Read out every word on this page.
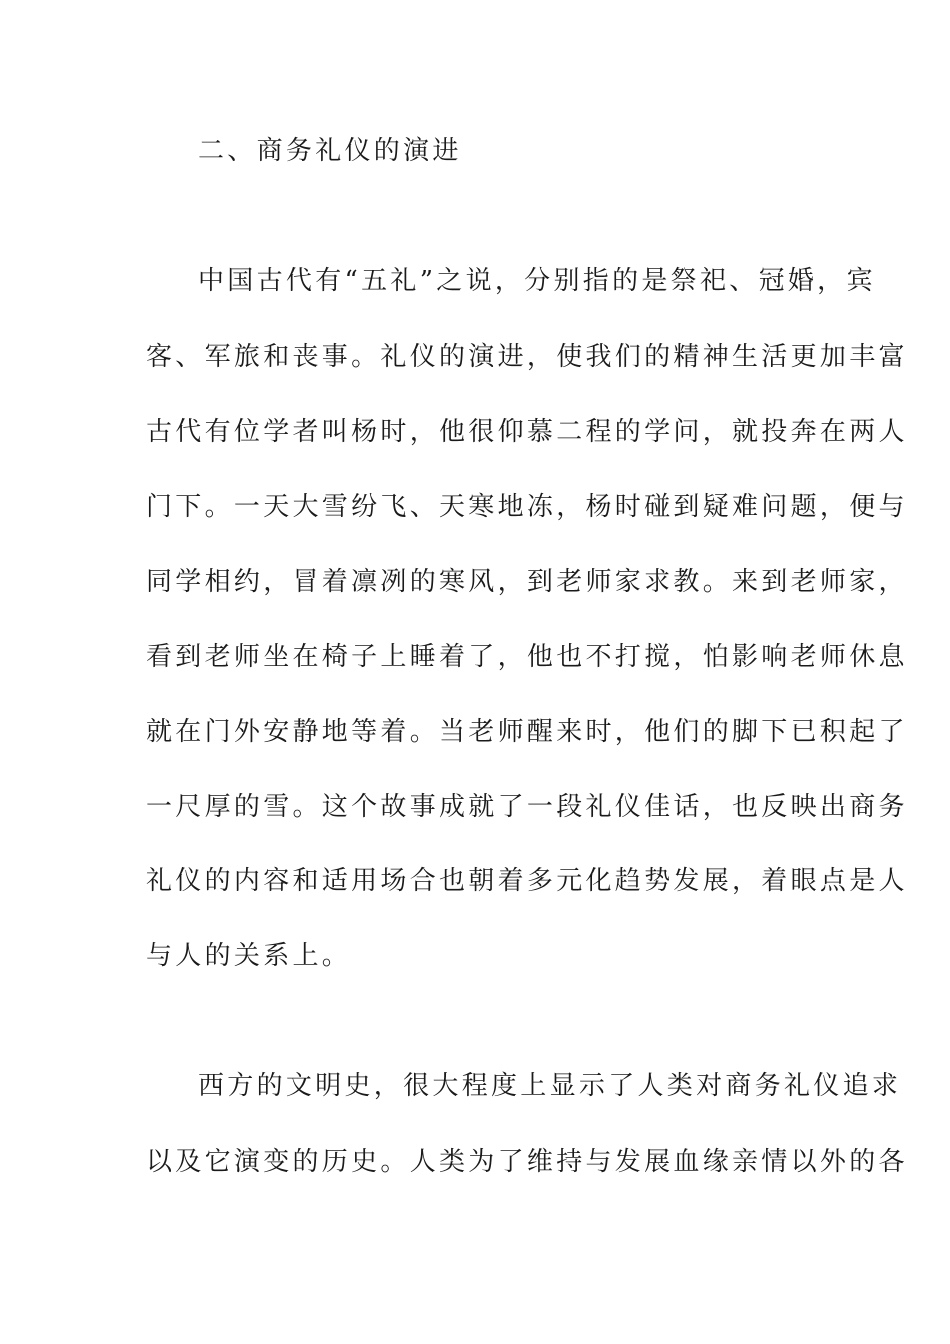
二、商务礼仪的演进
中国古代有“五礼”之说，分别指的是祭祀、冠婚，宾
客、军旅和丧事。礼仪的演进，使我们的精神生活更加丰富
古代有位学者叫杨时，他很仰慕二程的学问，就投奔在两人
门下。一天大雪纷飞、天寒地冻，杨时碰到疑难问题，便与
同学相约，冒着凛冽的寒风，到老师家求教。来到老师家，
看到老师坐在椅子上睡着了，他也不打搅，怕影响老师休息
就在门外安静地等着。当老师醒来时，他们的脚下已积起了
一尺厚的雪。这个故事成就了一段礼仪佳话，也反映出商务
礼仪的内容和适用场合也朝着多元化趋势发展，着眼点是人
与人的关系上。
西方的文明史，很大程度上显示了人类对商务礼仪追求
以及它演变的历史。人类为了维持与发展血缘亲情以外的各
